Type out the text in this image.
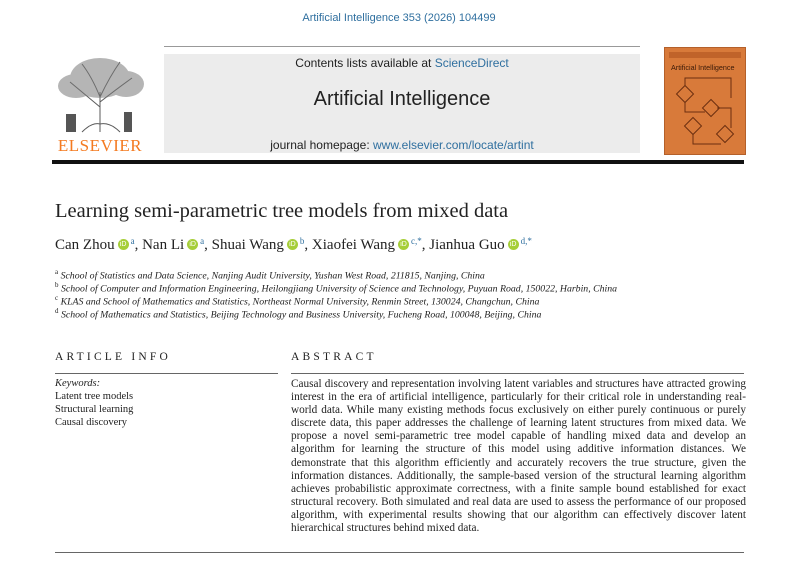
Artificial Intelligence 353 (2026) 104499
ELSEVIER
Contents lists available at ScienceDirect
Artificial Intelligence
journal homepage: www.elsevier.com/locate/artint
Artificial Intelligence
Learning semi-parametric tree models from mixed data
Can Zhou iD $^a$, Nan Li iD $^a$, Shuai Wang iD $^b$, Xiaofei Wang iD $^{c,*}$, Jianhua Guo iD $^{d,*}$
$^a$ School of Statistics and Data Science, Nanjing Audit University, Yushan West Road, 211815, Nanjing, China
$^b$ School of Computer and Information Engineering, Heilongjiang University of Science and Technology, Puyuan Road, 150022, Harbin, China
$^c$ KLAS and School of Mathematics and Statistics, Northeast Normal University, Renmin Street, 130024, Changchun, China
$^d$ School of Mathematics and Statistics, Beijing Technology and Business University, Fucheng Road, 100048, Beijing, China
ARTICLE INFO	ABSTRACT
Keywords:
Latent tree models
Structural learning
Causal discovery
Causal discovery and representation involving latent variables and structures have attracted growing interest in the era of artificial intelligence, particularly for their critical role in understanding real-world data. While many existing methods focus exclusively on either purely continuous or purely discrete data, this paper addresses the challenge of learning latent structures from mixed data. We propose a novel semi-parametric tree model capable of handling mixed data and develop an algorithm for learning the structure of this model using additive information distances. We demonstrate that this algorithm efficiently and accurately recovers the true structure, given the information distances. Additionally, the sample-based version of the structural learning algorithm achieves probabilistic approximate correctness, with a finite sample bound established for exact structural recovery. Both simulated and real data are used to assess the performance of our proposed algorithm, with experimental results showing that our algorithm can effectively discover latent hierarchical structures behind mixed data.
